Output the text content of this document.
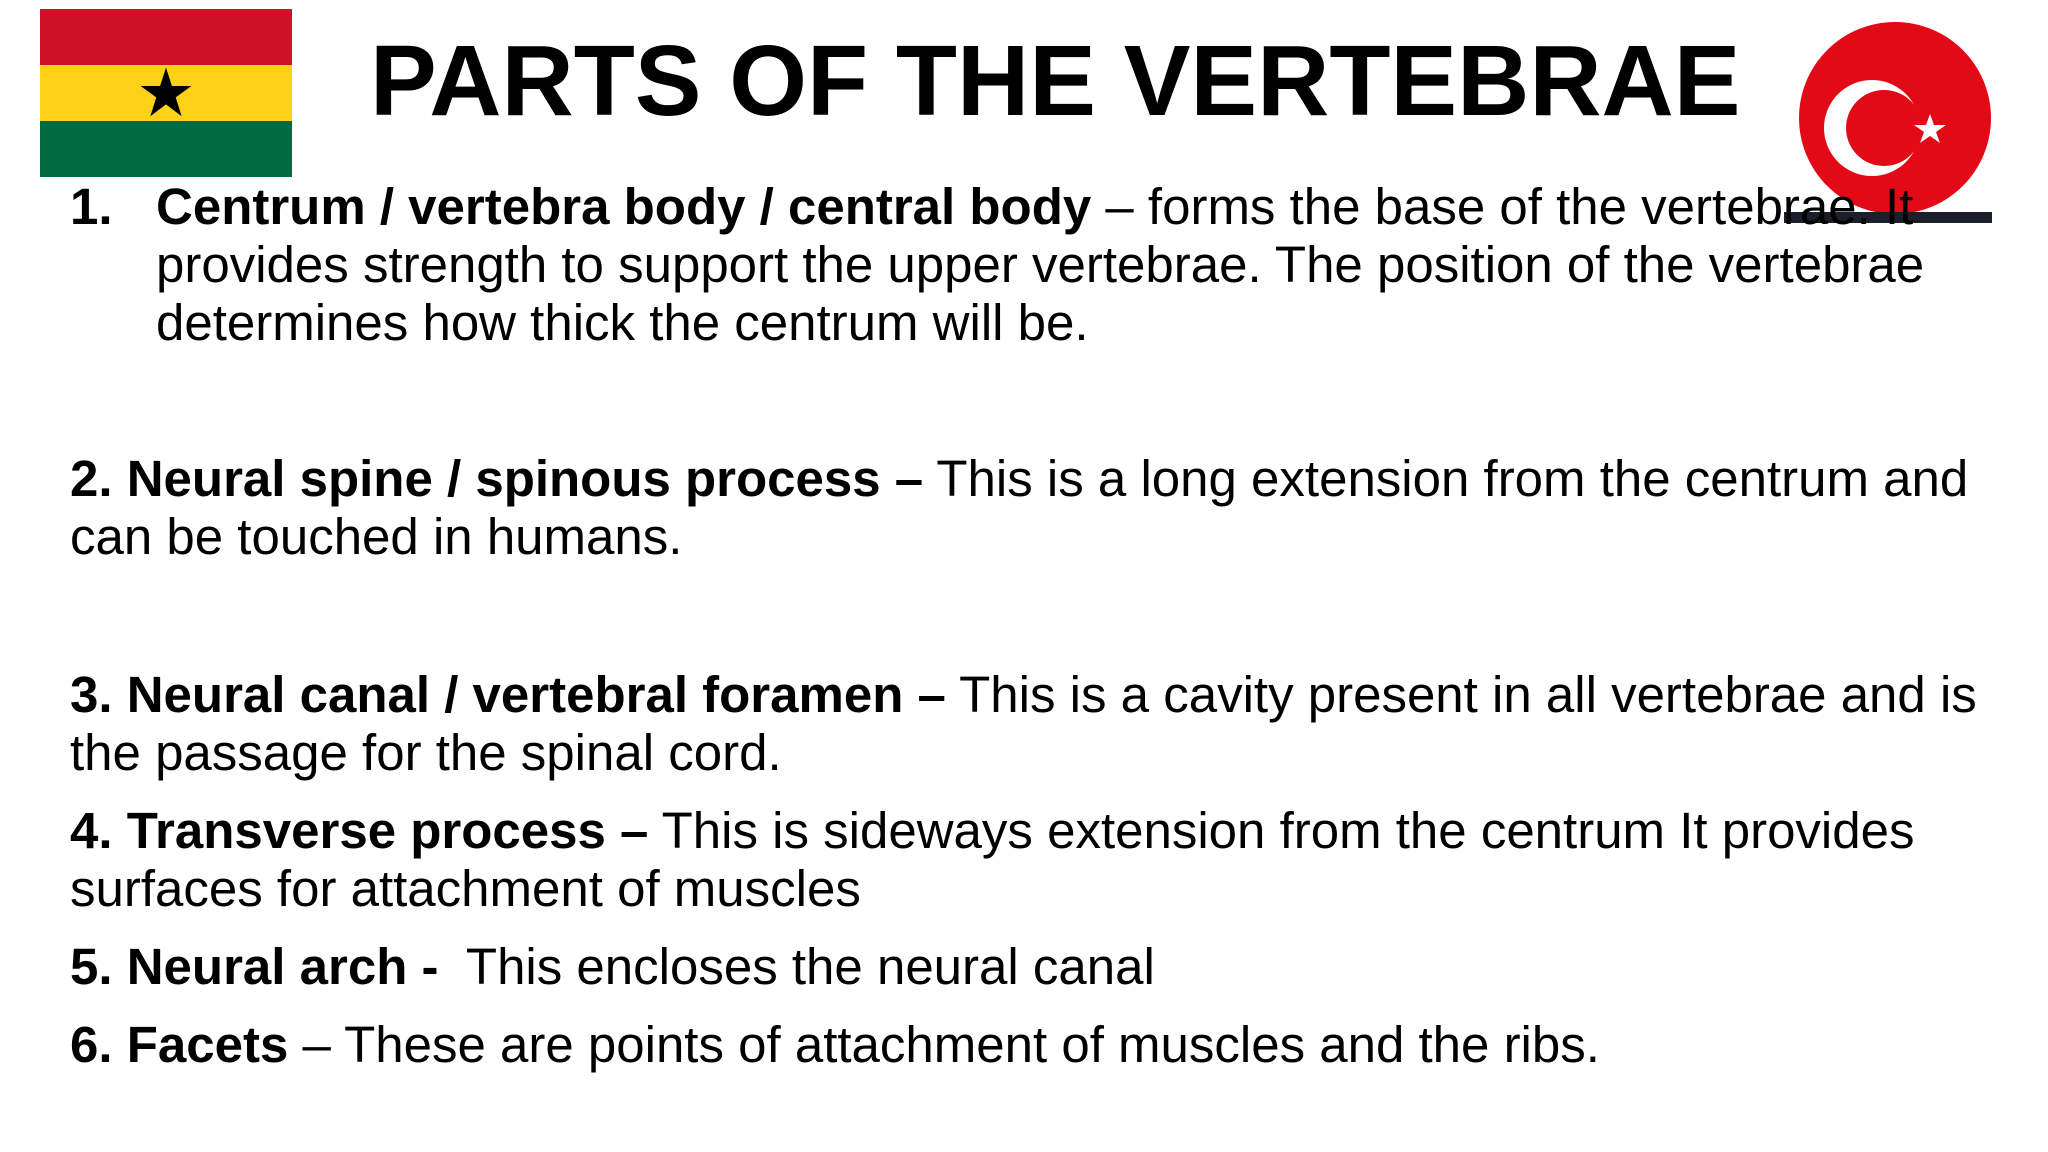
PARTS OF THE VERTEBRAE
1. Centrum / vertebra body / central body – forms the base of the vertebrae. It provides strength to support the upper vertebrae. The position of the vertebrae determines how thick the centrum will be.
2. Neural spine / spinous process – This is a long extension from the centrum and can be touched in humans.
3. Neural canal / vertebral foramen – This is a cavity present in all vertebrae and is the passage for the spinal cord.
4. Transverse process – This is sideways extension from the centrum It provides surfaces for attachment of muscles
5. Neural arch -  This encloses the neural canal
6. Facets – These are points of attachment of muscles and the ribs.
